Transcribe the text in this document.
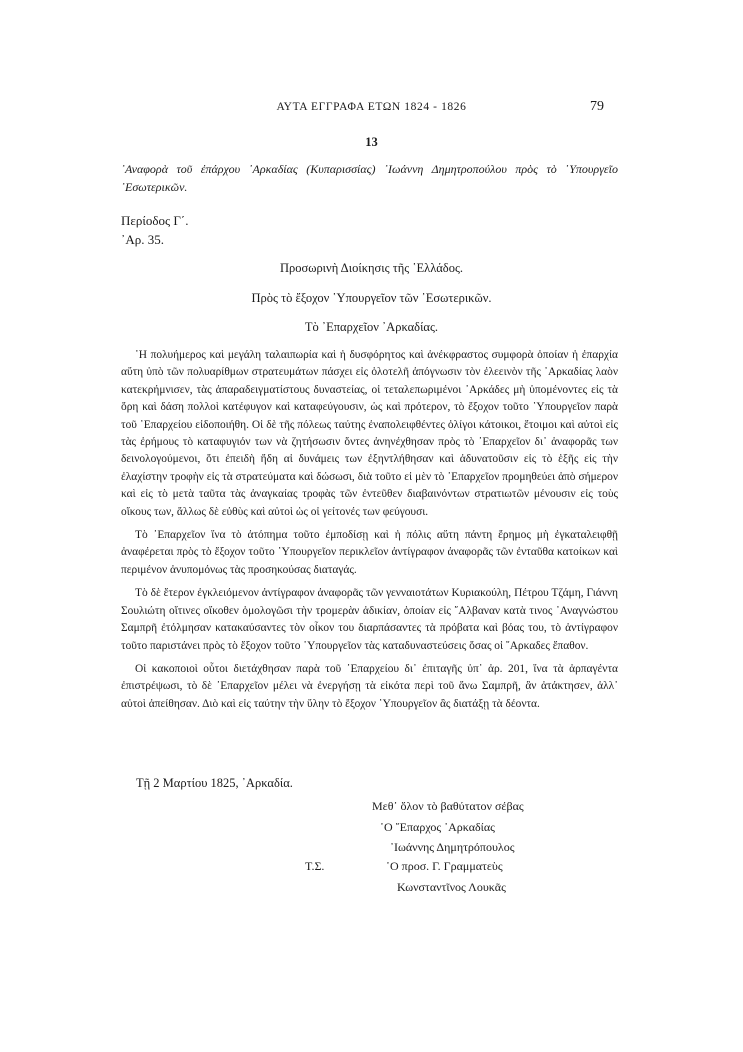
ΑΥΤΑ ΕΓΓΡΑΦΑ ΕΤΩΝ 1824 - 1826	79
13
᾿Αναφορὰ τοῦ ἐπάρχου ᾿Αρκαδίας (Κυπαρισσίας) ᾿Ιωάννη Δημητροπούλου πρὸς τὸ ῾Υπουργεῖο ᾿Εσωτερικῶν.
Περίοδος Γ΄.
᾿Αρ. 35.
Προσωρινὴ Διοίκησις τῆς ῾Ελλάδος.
Πρὸς τὸ ἔξοχον ῾Υπουργεῖον τῶν ᾿Εσωτερικῶν.
Τὸ ᾿Επαρχεῖον ᾿Αρκαδίας.

῾Η πολυήμερος καὶ μεγάλη ταλαιπωρία καὶ ἡ δυσφόρητος καὶ ἀνέκφραστος συμφορὰ ὁποίαν ἡ ἐπαρχία αὕτη ὑπὸ τῶν πολυαρίθμων στρατευμάτων πάσχει εἰς ὁλοτελῆ ἀπόγνωσιν τὸν ἐλεεινὸν τῆς ᾿Αρκαδίας λαὸν κατεκρήμνισεν, τὰς ἀπαραδειγματίστους δυναστείας, οἱ τεταλεπωριμένοι ᾿Αρκάδες μὴ ὑπομένοντες εἰς τὰ ὄρη καὶ δάση πολλοὶ κατέφυγον καὶ καταφεύγουσιν, ὡς καὶ πρότερον, τὸ ἔξοχον τοῦτο ῾Υπουργεῖον παρὰ τοῦ ᾿Επαρχείου εἰδοποιήθη. Οἱ δὲ τῆς πόλεως ταύτης ἐναπολειφθέντες ὀλίγοι κάτοικοι, ἕτοιμοι καὶ αὐτοὶ εἰς τὰς ἐρήμους τὸ καταφυγιόν των νὰ ζητήσωσιν ὄντες ἀνηνέχθησαν πρὸς τὸ ᾿Επαρχεῖον δι᾿ ἀναφορᾶς των δεινολογούμενοι, ὅτι ἐπειδὴ ἤδη αἱ δυνάμεις των ἐξηντλήθησαν καὶ ἀδυνατοῦσιν εἰς τὸ ἑξῆς εἰς τὴν ἐλαχίστην τροφὴν εἰς τὰ στρατεύματα καὶ δώσωσι, διὰ τοῦτο εἰ μὲν τὸ ᾿Επαρχεῖον προμηθεύει ἀπὸ σήμερον καὶ εἰς τὸ μετὰ ταῦτα τὰς ἀναγκαίας τροφὰς τῶν ἐντεῦθεν διαβαινόντων στρατιωτῶν μένουσιν εἰς τοὺς οἴκους των, ἄλλως δὲ εὐθὺς καὶ αὐτοὶ ὡς οἱ γείτονές των φεύγουσι.

Τὸ ᾿Επαρχεῖον ἵνα τὸ ἀτόπημα τοῦτο ἐμποδίσῃ καὶ ἡ πόλις αὕτη πάντη ἔρημος μὴ ἐγκαταλειφθῇ ἀναφέρεται πρὸς τὸ ἔξοχον τοῦτο ῾Υπουργεῖον περικλεῖον ἀντίγραφον ἀναφορᾶς τῶν ἐνταῦθα κατοίκων καὶ περιμένον ἀνυπομόνως τὰς προσηκούσας διαταγάς.

Τὸ δὲ ἕτερον ἐγκλειόμενον ἀντίγραφον ἀναφορᾶς τῶν γενναιοτάτων Κυριακούλη, Πέτρου Τζάμη, Γιάννη Σουλιώτη οἵτινες οἴκοθεν ὁμολογῶσι τὴν τρομερὰν ἀδικίαν, ὁποίαν εἰς ῎Αλβαναν κατὰ τινος ᾿Αναγνώστου Σαμπρῆ ἐτόλμησαν κατακαύσαντες τὸν οἶκον του διαρπάσαντες τὰ πρόβατα καὶ βόας του, τὸ ἀντίγραφον τοῦτο παριστάνει πρὸς τὸ ἔξοχον τοῦτο ῾Υπουργεῖον τὰς καταδυναστεύσεις ὅσας οἱ ῎Αρκαδες ἔπαθον.

Οἱ κακοποιοὶ οὗτοι διετάχθησαν παρὰ τοῦ ᾿Επαρχείου δι᾿ ἐπιταγῆς ὑπ᾿ ἀρ. 201, ἵνα τὰ ἁρπαγέντα ἐπιστρέψωσι, τὸ δὲ ᾿Επαρχεῖον μέλει νὰ ἐνεργήσῃ τὰ εἰκότα περὶ τοῦ ἄνω Σαμπρῆ, ἂν ἀτάκτησεν, ἀλλ᾿ αὐτοὶ ἀπείθησαν. Διὸ καὶ εἰς ταύτην τὴν ὕλην τὸ ἔξοχον ῾Υπουργεῖον ἂς διατάξῃ τὰ δέοντα.

Τῇ 2 Μαρτίου 1825, ᾿Αρκαδία.
Μεθ᾿ ὅλον τὸ βαθύτατον σέβας
῾Ο ῎Επαρχος ᾿Αρκαδίας
᾿Ιωάννης Δημητρόπουλος
Τ.Σ.	῾Ο προσ. Γ. Γραμματεὺς
Κωνσταντῖνος Λουκᾶς
